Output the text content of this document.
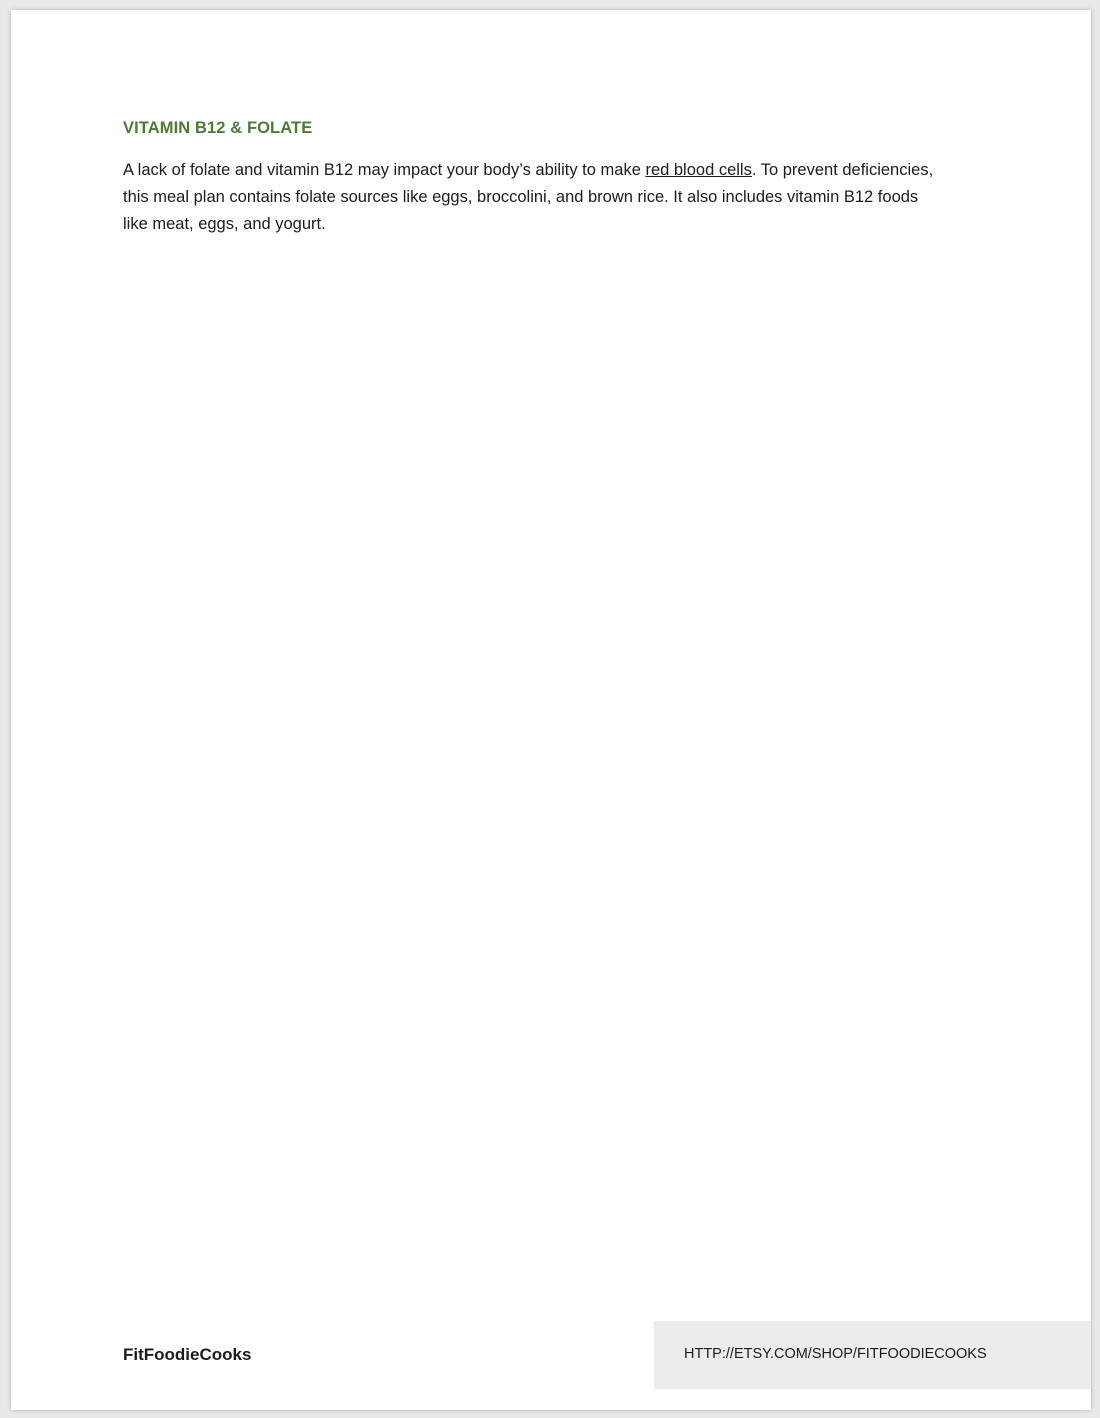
VITAMIN B12 & FOLATE

A lack of folate and vitamin B12 may impact your body’s ability to make red blood cells. To prevent deficiencies, this meal plan contains folate sources like eggs, broccolini, and brown rice. It also includes vitamin B12 foods like meat, eggs, and yogurt.

FitFoodieCooks	HTTP://ETSY.COM/SHOP/FITFOODIECOOKS
